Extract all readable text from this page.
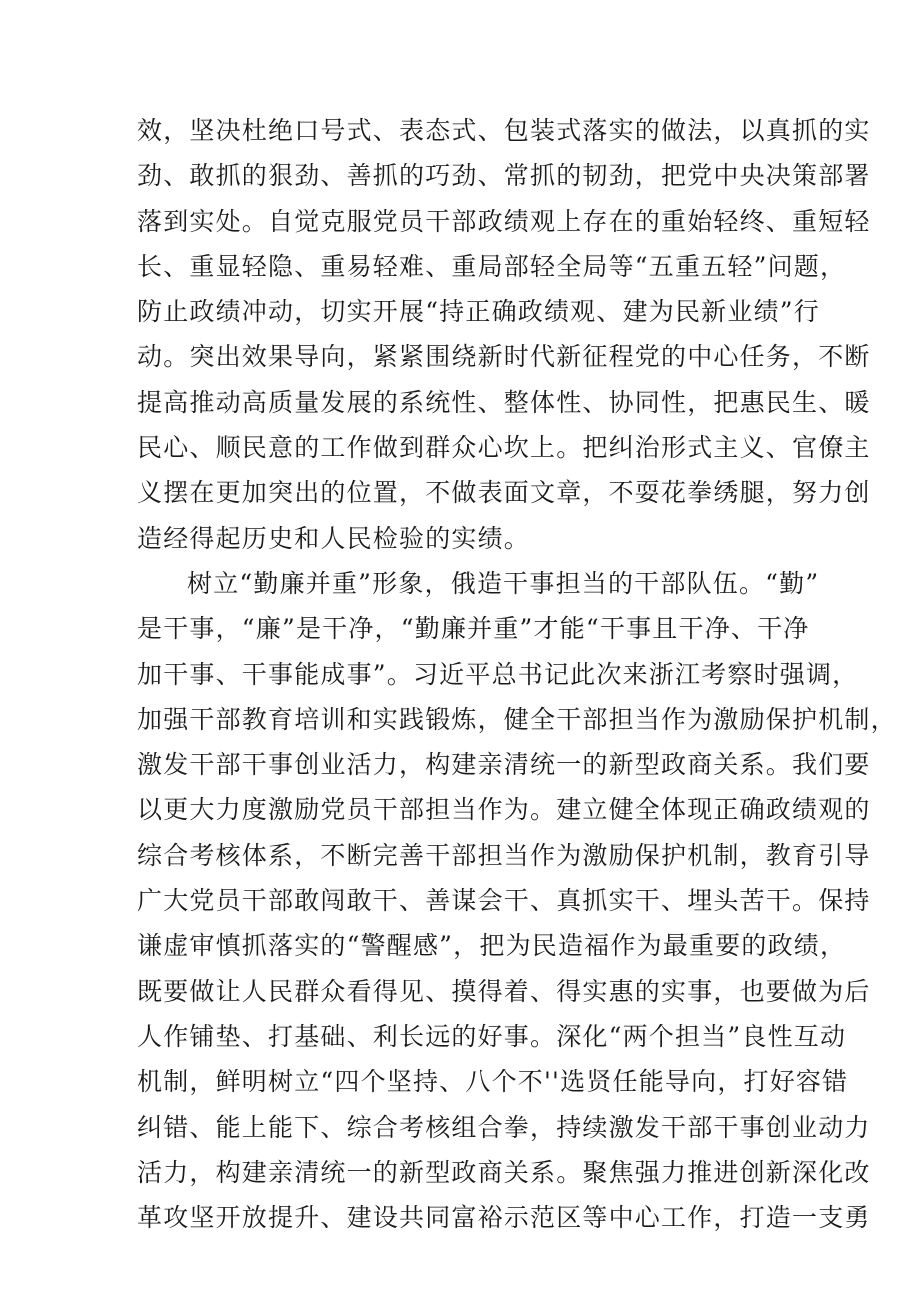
效，坚决杜绝口号式、表态式、包装式落实的做法，以真抓的实
劲、敢抓的狠劲、善抓的巧劲、常抓的韧劲，把党中央决策部署
落到实处。自觉克服党员干部政绩观上存在的重始轻终、重短轻
长、重显轻隐、重易轻难、重局部轻全局等“五重五轻”问题，
防止政绩冲动，切实开展“持正确政绩观、建为民新业绩”行
动。突出效果导向，紧紧围绕新时代新征程党的中心任务，不断
提高推动高质量发展的系统性、整体性、协同性，把惠民生、暖
民心、顺民意的工作做到群众心坎上。把纠治形式主义、官僚主
义摆在更加突出的位置，不做表面文章，不耍花拳绣腿，努力创
造经得起历史和人民检验的实绩。
树立“勤廉并重”形象，俄造干事担当的干部队伍。“勤”
是干事，“廉”是干净，“勤廉并重”才能“干事且干净、干净
加干事、干事能成事”。习近平总书记此次来浙江考察时强调，
加强干部教育培训和实践锻炼，健全干部担当作为激励保护机制，
激发干部干事创业活力，构建亲清统一的新型政商关系。我们要
以更大力度激励党员干部担当作为。建立健全体现正确政绩观的
综合考核体系，不断完善干部担当作为激励保护机制，教育引导
广大党员干部敢闯敢干、善谋会干、真抓实干、埋头苦干。保持
谦虚审慎抓落实的“警醒感”，把为民造福作为最重要的政绩，
既要做让人民群众看得见、摸得着、得实惠的实事，也要做为后
人作铺垫、打基础、利长远的好事。深化“两个担当”良性互动
机制，鲜明树立“四个坚持、八个不''选贤任能导向，打好容错
纠错、能上能下、综合考核组合拳，持续激发干部干事创业动力
活力，构建亲清统一的新型政商关系。聚焦强力推进创新深化改
革攻坚开放提升、建设共同富裕示范区等中心工作，打造一支勇
